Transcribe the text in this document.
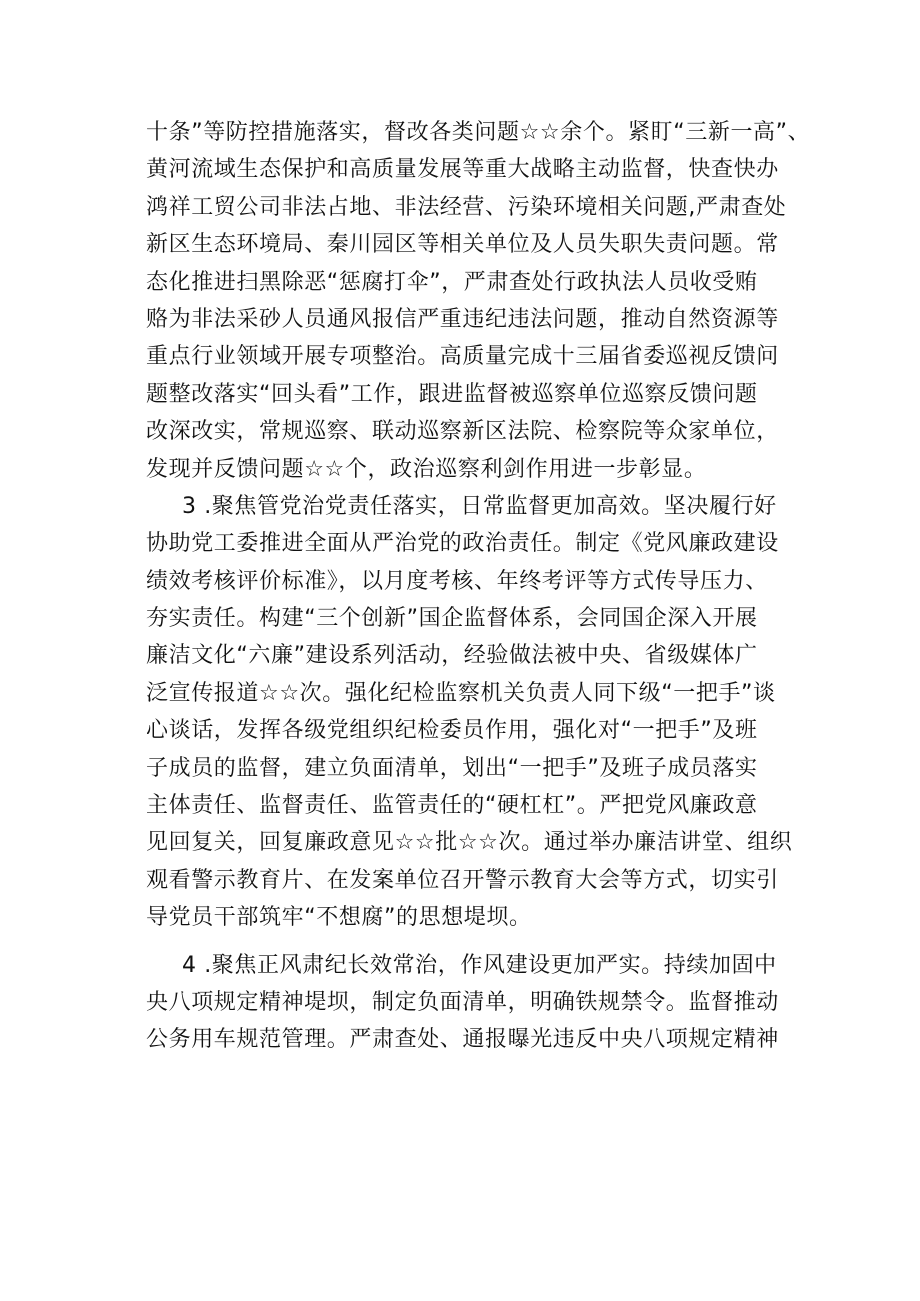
十条”等防控措施落实，督改各类问题☆☆余个。紧盯“三新一高”、
黄河流域生态保护和高质量发展等重大战略主动监督，快查快办
鸿祥工贸公司非法占地、非法经营、污染环境相关问题,严肃查处
新区生态环境局、秦川园区等相关单位及人员失职失责问题。常
态化推进扫黑除恶“惩腐打伞”，严肃查处行政执法人员收受贿
赂为非法采砂人员通风报信严重违纪违法问题，推动自然资源等
重点行业领域开展专项整治。高质量完成十三届省委巡视反馈问
题整改落实“回头看”工作，跟进监督被巡察单位巡察反馈问题
改深改实，常规巡察、联动巡察新区法院、检察院等众家单位，
发现并反馈问题☆☆个，政治巡察利剑作用进一步彰显。
3 .聚焦管党治党责任落实，日常监督更加高效。坚决履行好
协助党工委推进全面从严治党的政治责任。制定《党风廉政建设
绩效考核评价标准》，以月度考核、年终考评等方式传导压力、
夯实责任。构建“三个创新”国企监督体系，会同国企深入开展
廉洁文化“六廉”建设系列活动，经验做法被中央、省级媒体广
泛宣传报道☆☆次。强化纪检监察机关负责人同下级“一把手”谈
心谈话，发挥各级党组织纪检委员作用，强化对“一把手”及班
子成员的监督，建立负面清单，划出“一把手”及班子成员落实
主体责任、监督责任、监管责任的“硬杠杠”。严把党风廉政意
见回复关，回复廉政意见☆☆批☆☆次。通过举办廉洁讲堂、组织
观看警示教育片、在发案单位召开警示教育大会等方式，切实引
导党员干部筑牢“不想腐”的思想堤坝。
4 .聚焦正风肃纪长效常治，作风建设更加严实。持续加固中
央八项规定精神堤坝，制定负面清单，明确铁规禁令。监督推动
公务用车规范管理。严肃查处、通报曝光违反中央八项规定精神
